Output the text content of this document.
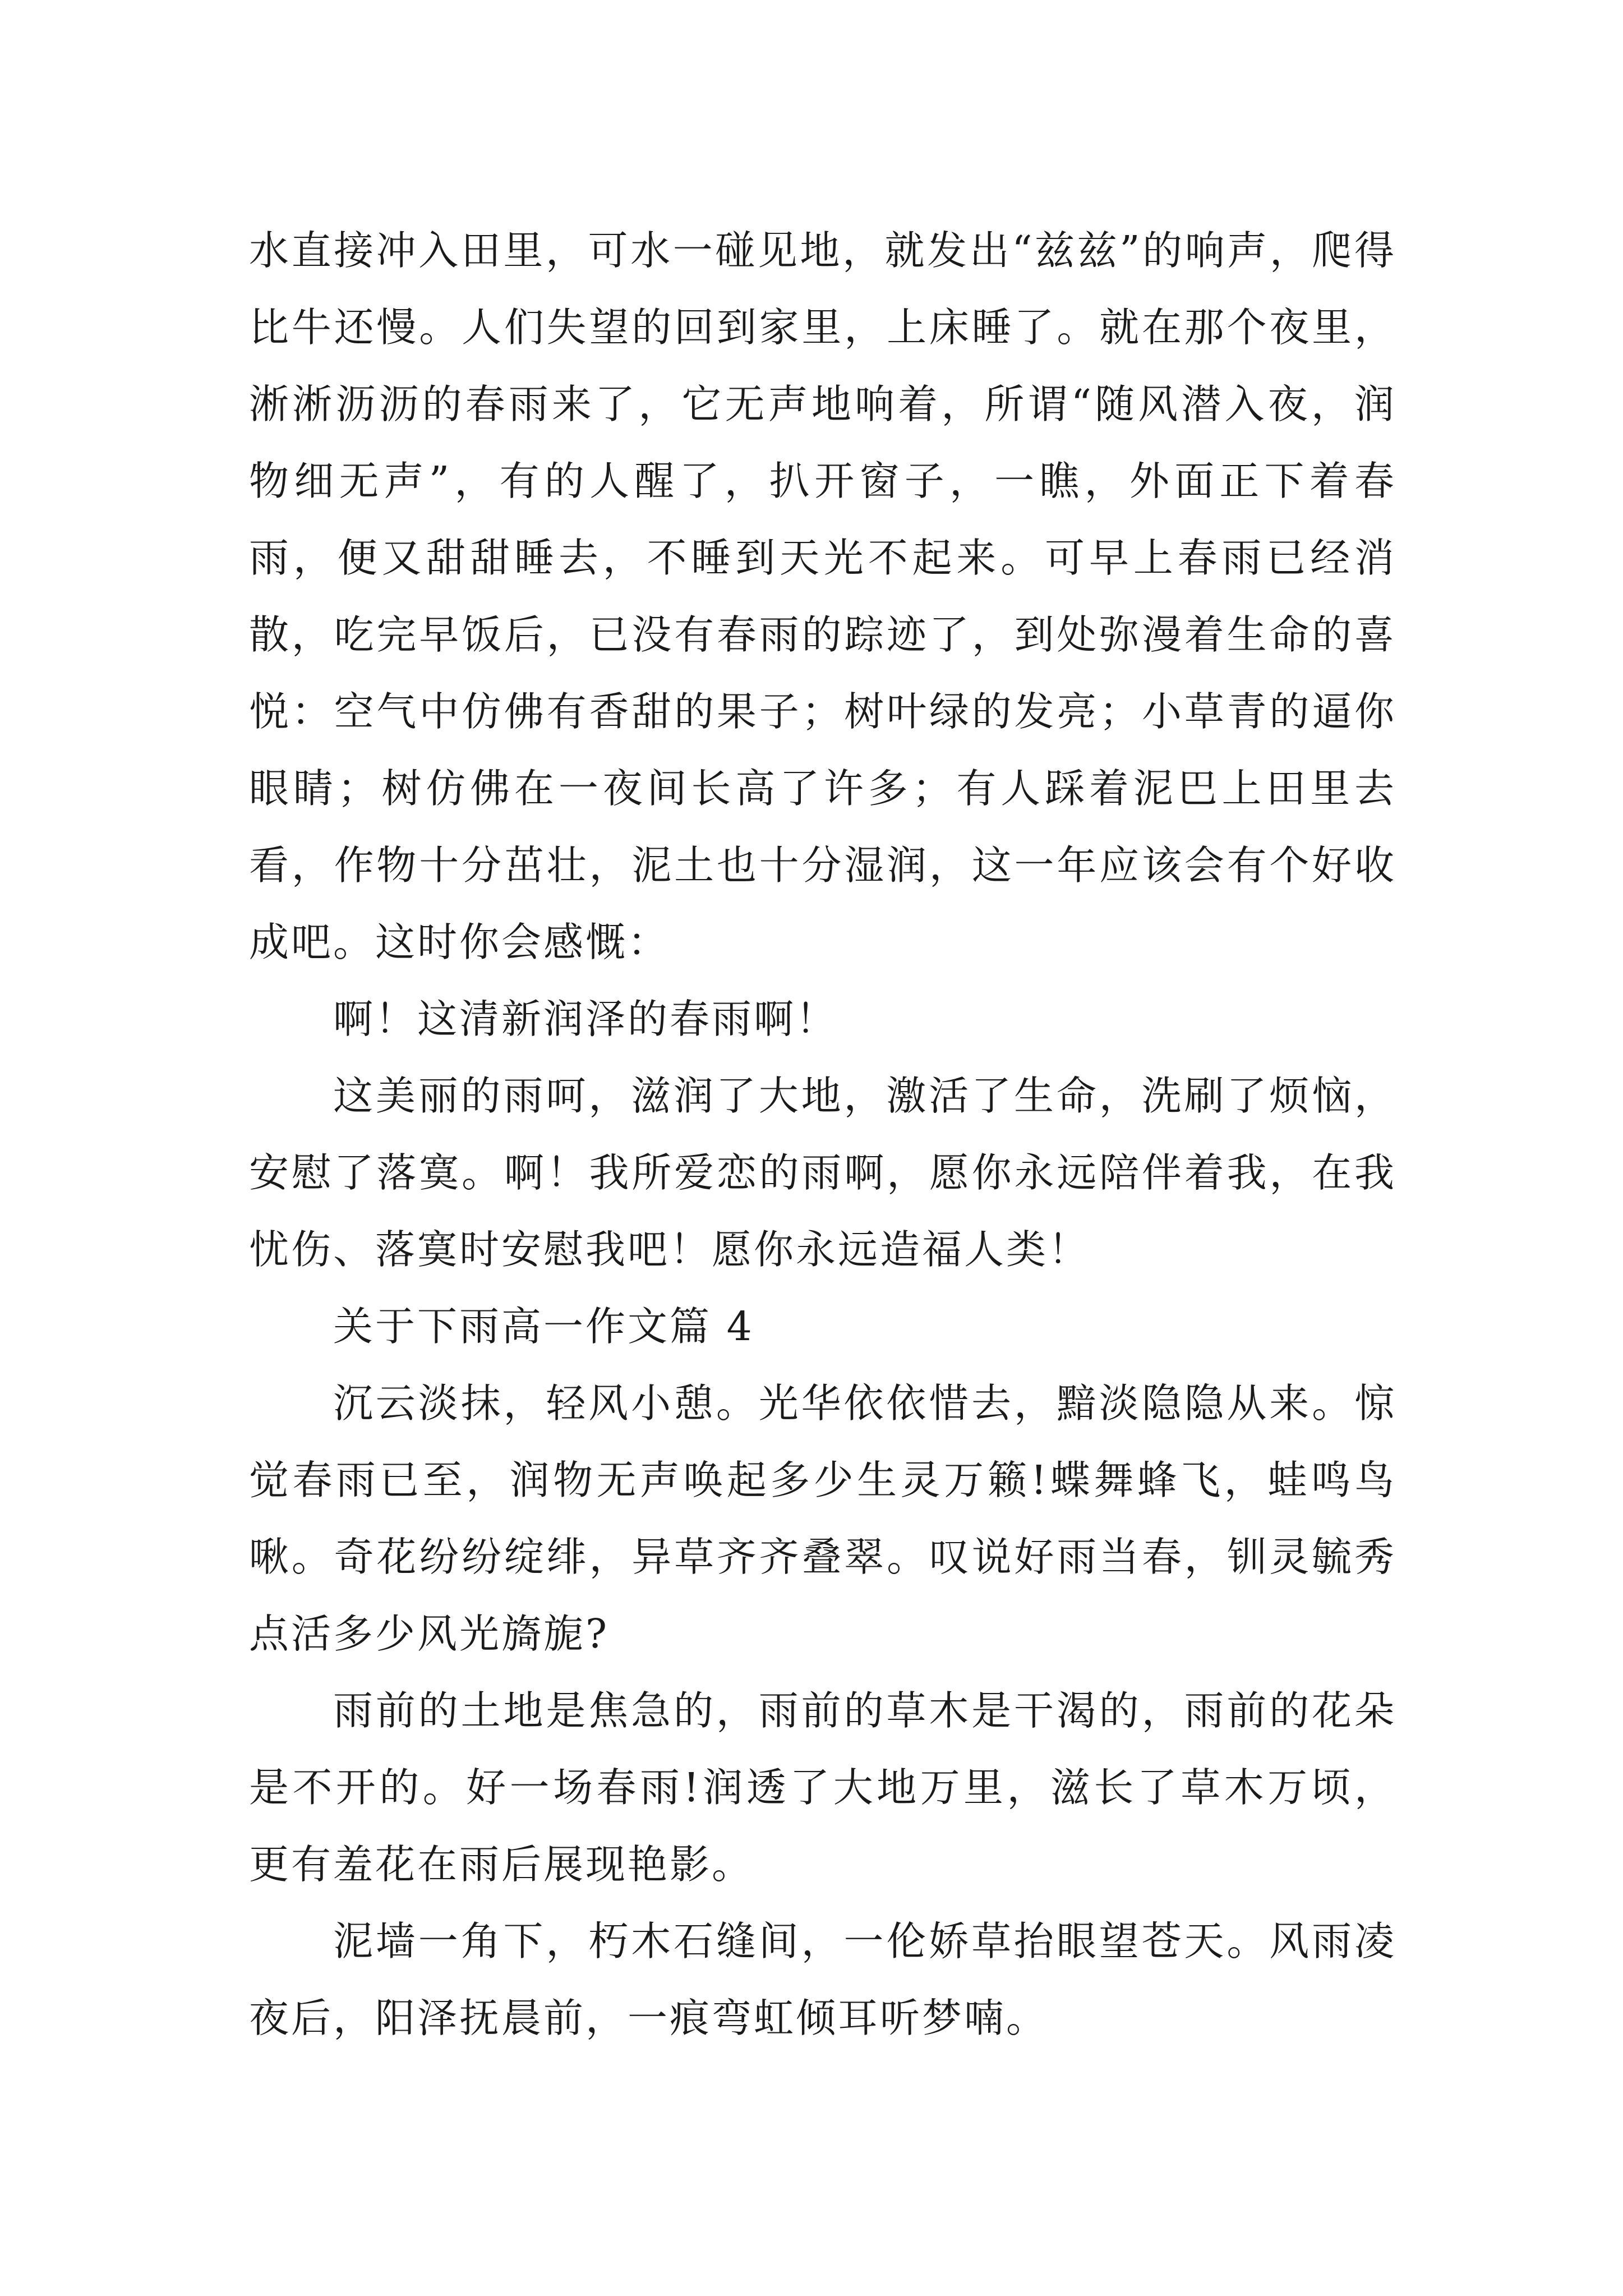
水直接冲入田里，可水一碰见地，就发出“兹兹”的响声，爬得比牛还慢。人们失望的回到家里，上床睡了。就在那个夜里，淅淅沥沥的春雨来了，它无声地响着，所谓“随风潜入夜，润物细无声”，有的人醒了，扒开窗子，一瞧，外面正下着春雨，便又甜甜睡去，不睡到天光不起来。可早上春雨已经消散，吃完早饭后，已没有春雨的踪迹了，到处弥漫着生命的喜悦：空气中仿佛有香甜的果子；树叶绿的发亮；小草青的逼你眼睛；树仿佛在一夜间长高了许多；有人踩着泥巴上田里去看，作物十分茁壮，泥土也十分湿润，这一年应该会有个好收成吧。这时你会感慨：

啊！这清新润泽的春雨啊！

这美丽的雨呵，滋润了大地，激活了生命，洗刷了烦恼，安慰了落寞。啊！我所爱恋的雨啊，愿你永远陪伴着我，在我忧伤、落寞时安慰我吧！愿你永远造福人类！

关于下雨高一作文篇 4

沉云淡抹，轻风小憩。光华依依惜去，黯淡隐隐从来。惊觉春雨已至，润物无声唤起多少生灵万籁!蝶舞蜂飞，蛙鸣鸟啾。奇花纷纷绽绯，异草齐齐叠翠。叹说好雨当春，钏灵毓秀点活多少风光旖旎?

雨前的土地是焦急的，雨前的草木是干渴的，雨前的花朵是不开的。好一场春雨!润透了大地万里，滋长了草木万顷，更有羞花在雨后展现艳影。

泥墙一角下，朽木石缝间，一伦娇草抬眼望苍天。风雨凌夜后，阳泽抚晨前，一痕弯虹倾耳听梦喃。
